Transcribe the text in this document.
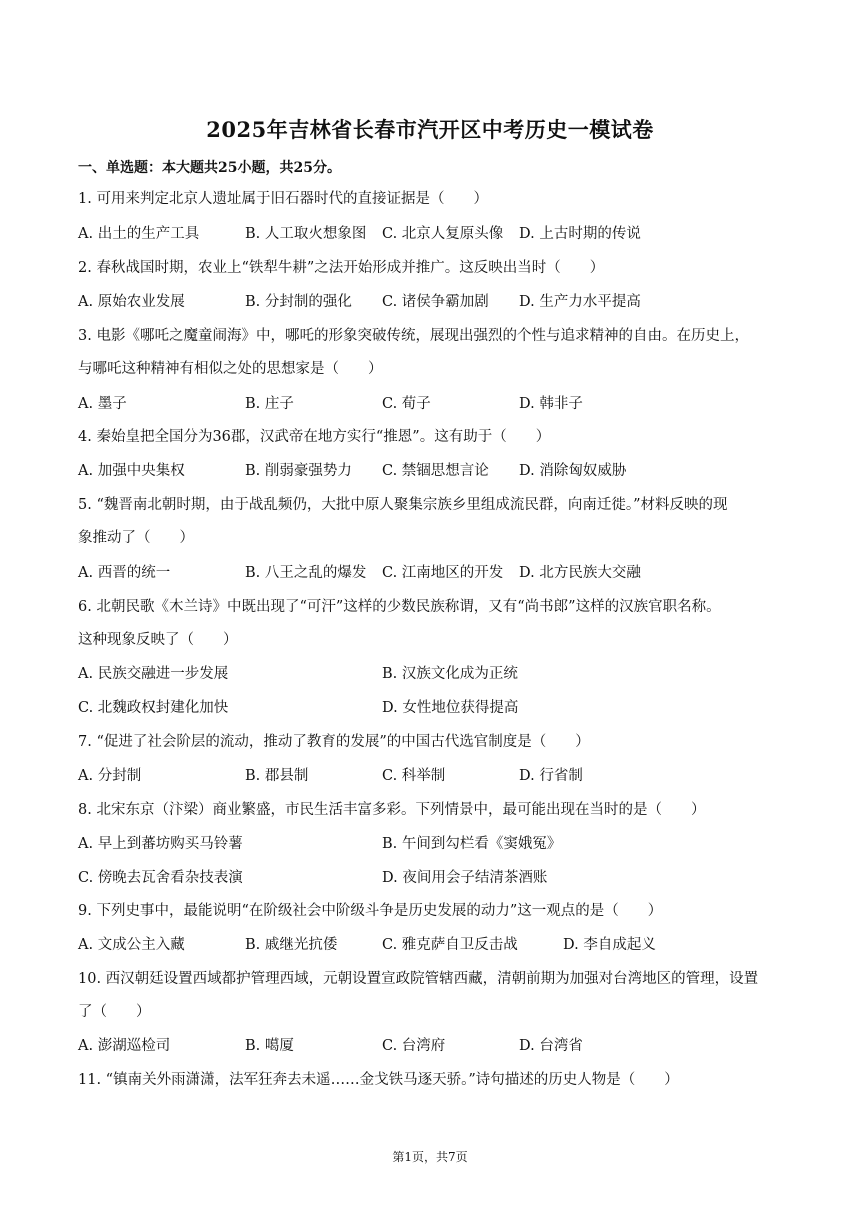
2025年吉林省长春市汽开区中考历史一模试卷
一、单选题：本大题共25小题，共25分。
1. 可用来判定北京人遗址属于旧石器时代的直接证据是（　　）
A. 出土的生产工具	B. 人工取火想象图 C. 北京人复原头像 D. 上古时期的传说
2. 春秋战国时期，农业上“铁犁牛耕”之法开始形成并推广。这反映出当时（　　）
A. 原始农业发展	B. 分封制的强化 C. 诸侯争霸加剧 D. 生产力水平提高
3. 电影《哪吒之魔童闹海》中，哪吒的形象突破传统，展现出强烈的个性与追求精神的自由。在历史上，
与哪吒这种精神有相似之处的思想家是（　　）
A. 墨子	B. 庄子	C. 荀子	D. 韩非子
4. 秦始皇把全国分为36郡，汉武帝在地方实行“推恩”。这有助于（　　）
A. 加强中央集权	B. 削弱豪强势力 C. 禁锢思想言论 D. 消除匈奴威胁
5. “魏晋南北朝时期，由于战乱频仍，大批中原人聚集宗族乡里组成流民群，向南迁徙。”材料反映的现
象推动了（　　）
A. 西晋的统一	B. 八王之乱的爆发 C. 江南地区的开发 D. 北方民族大交融
6. 北朝民歌《木兰诗》中既出现了“可汗”这样的少数民族称谓，又有“尚书郎”这样的汉族官职名称。
这种现象反映了（　　）
A. 民族交融进一步发展	B. 汉族文化成为正统
C. 北魏政权封建化加快	D. 女性地位获得提高
7. “促进了社会阶层的流动，推动了教育的发展”的中国古代选官制度是（　　）
A. 分封制	B. 郡县制	C. 科举制	D. 行省制
8. 北宋东京（汴梁）商业繁盛，市民生活丰富多彩。下列情景中，最可能出现在当时的是（　　）
A. 早上到蕃坊购买马铃薯	B. 午间到勾栏看《窦娥冤》
C. 傍晚去瓦舍看杂技表演	D. 夜间用会子结清茶酒账
9. 下列史事中，最能说明“在阶级社会中阶级斗争是历史发展的动力”这一观点的是（　　）
A. 文成公主入藏	B. 戚继光抗倭	C. 雅克萨自卫反击战	D. 李自成起义
10. 西汉朝廷设置西域都护管理西域，元朝设置宣政院管辖西藏，清朝前期为加强对台湾地区的管理，设置
了（　　）
A. 澎湖巡检司	B. 噶厦	C. 台湾府	D. 台湾省
11. “镇南关外雨潇潇，法军狂奔去未遥……金戈铁马逐天骄。”诗句描述的历史人物是（　　）
第1页，共7页
